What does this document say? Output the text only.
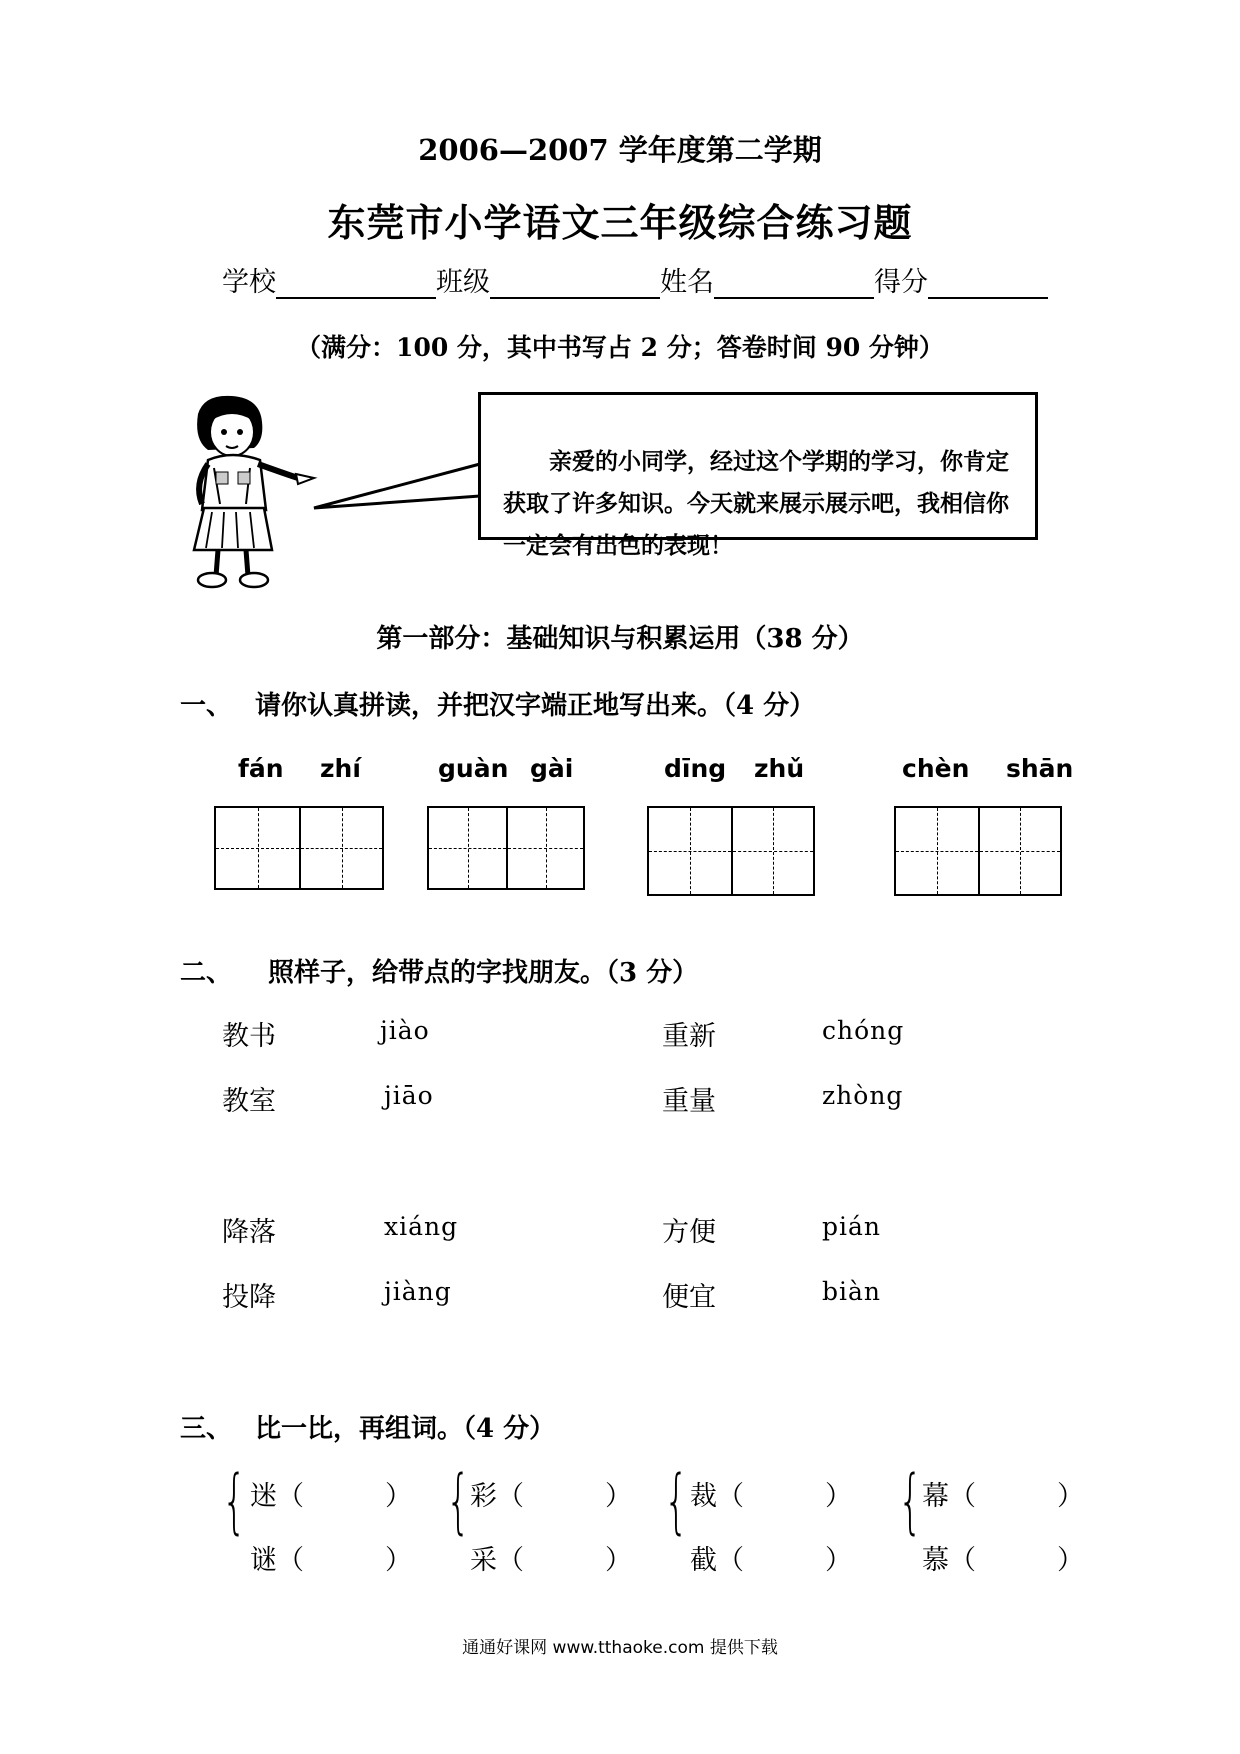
2006—2007 学年度第二学期
东莞市小学语文三年级综合练习题
学校	班级	姓名	得分
（满分：100 分，其中书写占 2 分；答卷时间 90 分钟）
亲爱的小同学，经过这个学期的学习，你肯定获取了许多知识。今天就来展示展示吧，我相信你一定会有出色的表现！
第一部分：基础知识与积累运用（38 分）
一、 请你认真拼读，并把汉字端正地写出来。（4 分）
fán zhí	guàn gài	dīng zhǔ	chèn shān
二、 照样子，给带点的字找朋友。（3 分）
教书	jiào	重新	chóng
教室	jiāo	重量	zhòng
降落	xiáng	方便	pián
投降	jiàng	便宜	biàn
三、 比一比，再组词。（4 分）
{ 迷（　　　）
谜（　　　）
{ 彩（　　　）
采（　　　）
{ 裁（　　　）
截（　　　）
{ 幕（　　　）
慕（　　　）
通通好课网 www.tthaoke.com 提供下载
